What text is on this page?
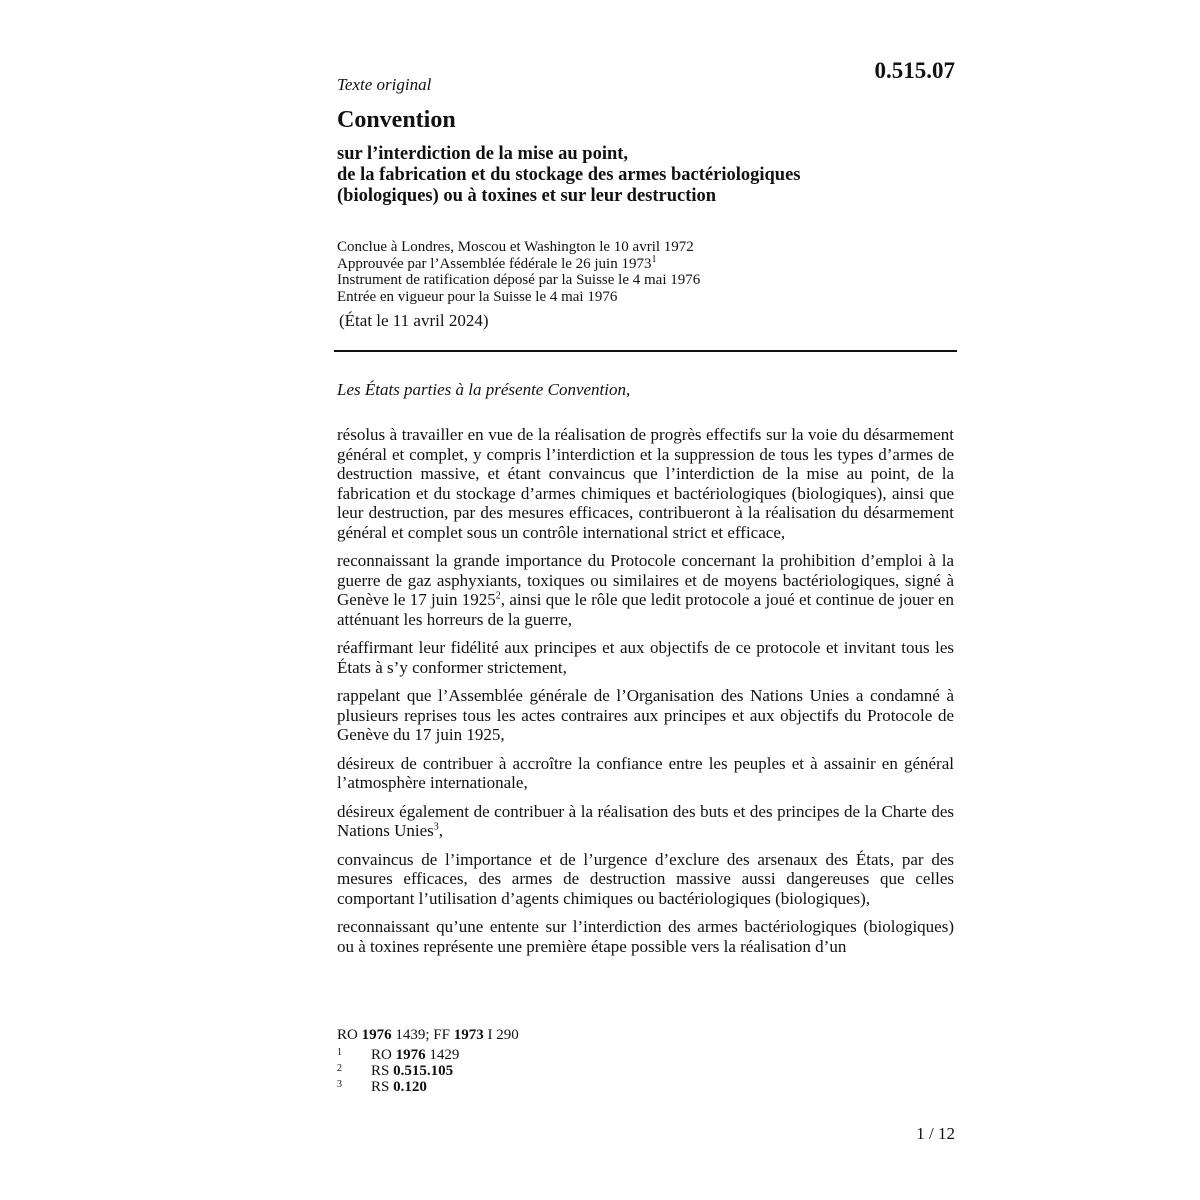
0.515.07
Texte original
Convention
sur l’interdiction de la mise au point,
de la fabrication et du stockage des armes bactériologiques
(biologiques) ou à toxines et sur leur destruction
Conclue à Londres, Moscou et Washington le 10 avril 1972
Approuvée par l’Assemblée fédérale le 26 juin 1973$^1$
Instrument de ratification déposé par la Suisse le 4 mai 1976
Entrée en vigueur pour la Suisse le 4 mai 1976
(État le 11 avril 2024)
Les États parties à la présente Convention,

résolus à travailler en vue de la réalisation de progrès effectifs sur la voie du désarmement général et complet, y compris l’interdiction et la suppression de tous les types d’armes de destruction massive, et étant convaincus que l’interdiction de la mise au point, de la fabrication et du stockage d’armes chimiques et bactériologiques (biologiques), ainsi que leur destruction, par des mesures efficaces, contribueront à la réalisation du désarmement général et complet sous un contrôle international strict et efficace,

reconnaissant la grande importance du Protocole concernant la prohibition d’emploi à la guerre de gaz asphyxiants, toxiques ou similaires et de moyens bactériologiques, signé à Genève le 17 juin 1925$^2$, ainsi que le rôle que ledit protocole a joué et continue de jouer en atténuant les horreurs de la guerre,

réaffirmant leur fidélité aux principes et aux objectifs de ce protocole et invitant tous les États à s’y conformer strictement,

rappelant que l’Assemblée générale de l’Organisation des Nations Unies a condamné à plusieurs reprises tous les actes contraires aux principes et aux objectifs du Protocole de Genève du 17 juin 1925,

désireux de contribuer à accroître la confiance entre les peuples et à assainir en général l’atmosphère internationale,

désireux également de contribuer à la réalisation des buts et des principes de la Charte des Nations Unies$^3$,

convaincus de l’importance et de l’urgence d’exclure des arsenaux des États, par des mesures efficaces, des armes de destruction massive aussi dangereuses que celles comportant l’utilisation d’agents chimiques ou bactériologiques (biologiques),

reconnaissant qu’une entente sur l’interdiction des armes bactériologiques (biologiques) ou à toxines représente une première étape possible vers la réalisation d’un

RO 1976 1439; FF 1973 I 290
1 RO 1976 1429
2 RS 0.515.105
3 RS 0.120
1 / 12
